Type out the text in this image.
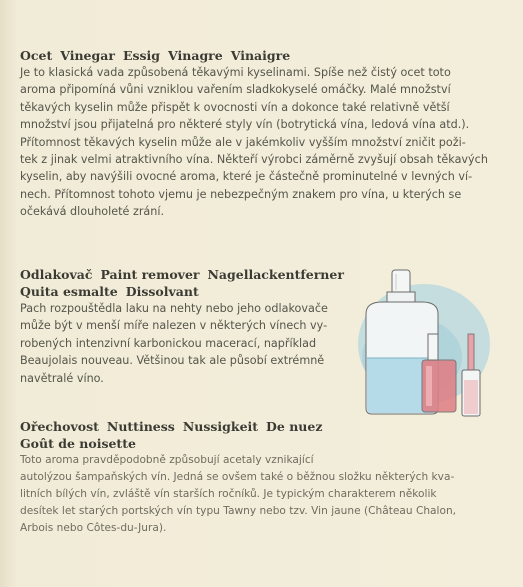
Ocet Vinegar Essig Vinagre Vinaigre
Je to klasická vada způsobená těkavými kyselinami. Spíše než čistý ocet toto
aroma připomíná vůni vzniklou vařením sladkokyselé omáčky. Malé množství
těkavých kyselin může přispět k ovocnosti vín a dokonce také relativně větší
množství jsou přijatelná pro některé styly vín (botrytická vína, ledová vína atd.).
Přítomnost těkavých kyselin může ale v jakémkoliv vyšším množství zničit poži-
tek z jinak velmi atraktivního vína. Někteří výrobci záměrně zvyšují obsah těkavých
kyselin, aby navýšili ovocné aroma, které je částečně prominutelné v levných ví-
nech. Přítomnost tohoto vjemu je nebezpečným znakem pro vína, u kterých se
očekává dlouholeté zrání.
Odlakovač Paint remover Nagellackentferner
Quita esmalte Dissolvant
Pach rozpouštědla laku na nehty nebo jeho odlakovače
může být v menší míře nalezen v některých vínech vy-
robených intenzivní karbonickou macerací, například
Beaujolais nouveau. Většinou tak ale působí extrémně
navětralé víno.
Ořechovost Nuttiness Nussigkeit De nuez
Goût de noisette
Toto aroma pravděpodobně způsobují acetaly vznikající
autolýzou šampaňských vín. Jedná se ovšem také o běžnou složku některých kva-
litních bílých vín, zvláště vín starších ročníků. Je typickým charakterem několik
desítek let starých portských vín typu Tawny nebo tzv. Vin jaune (Château Chalon,
Arbois nebo Côtes-du-Jura).
